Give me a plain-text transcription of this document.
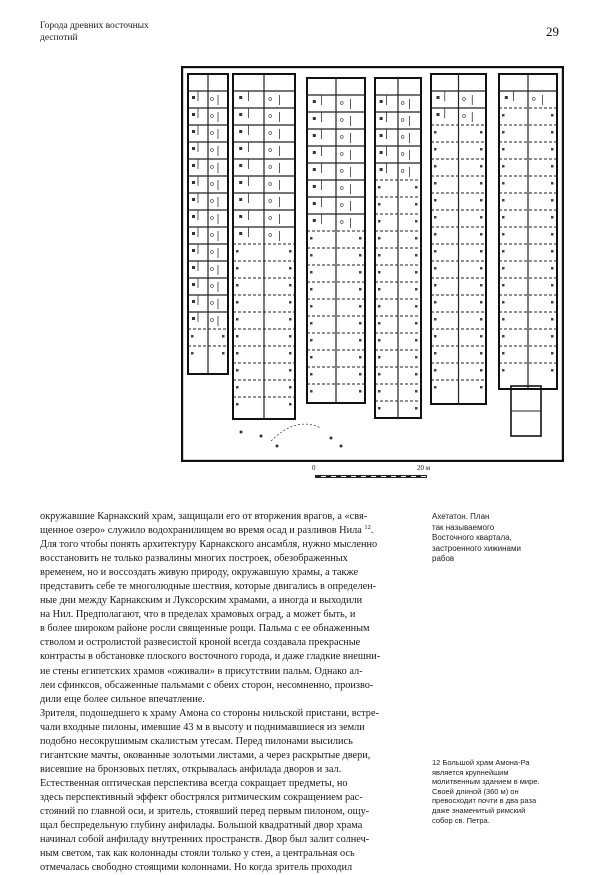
Города древних восточных
деспотий	29
0	20 м

окружавшие Карнакский храм, защищали его от вторжения врагов, а «свя-
щенное озеро» служило водохранилищем во время осад и разливов Нила $^{12}$.

Для того чтобы понять архитектуру Карнакского ансамбля, нужно мысленно
восстановить не только развалины многих построек, обезображенных
временем, но и воссоздать живую природу, окружавшую храмы, а также
представить себе те многолюдные шествия, которые двигались в определен-
ные дни между Карнакским и Луксорским храмами, а иногда и выходили
на Нил. Предполагают, что в пределах храмовых оград, а может быть, и
в более широком районе росли священные рощи. Пальма с ее обнаженным
стволом и остролистой развесистой кроной всегда создавала прекрасные
контрасты в обстановке плоского восточного города, и даже гладкие внешни-
ие стены египетских храмов «оживали» в присутствии пальм. Однако ал-
леи сфинксов, обсаженные пальмами с обеих сторон, несомненно, произво-
дили еще более сильное впечатление.

Зрителя, подошедшего к храму Амона со стороны нильской пристани, встре-
чали входные пилоны, имевшие 43 м в высоту и поднимавшиеся из земли
подобно несокрушимым скалистым утесам. Перед пилонами высились
гигантские мачты, окованные золотыми листами, а через раскрытые двери,
висевшие на бронзовых петлях, открывалась анфилада дворов и зал.

Естественная оптическая перспектива всегда сокращает предметы, но
здесь перспективный эффект обострялся ритмическим сокращением рас-
стояний по главной оси, и зритель, стоявший перед первым пилоном, ощу-
щал беспредельную глубину анфилады. Большой квадратный двор храма
начинал собой анфиладу внутренних пространств. Двор был залит солнеч-
ным светом, так как колоннады стояли только у стен, а центральная ось
отмечалась свободно стоящими колоннами. Но когда зритель проходил

Ахетатон. План
так называемого
Восточного квартала,
застроенного хижинами
рабов
12 Большой храм Амона-Ра
является крупнейшим
молитвенным зданием в мире.
Своей длиной (360 м) он
превосходит почти в два раза
даже знаменитый римский
собор св. Петра.
